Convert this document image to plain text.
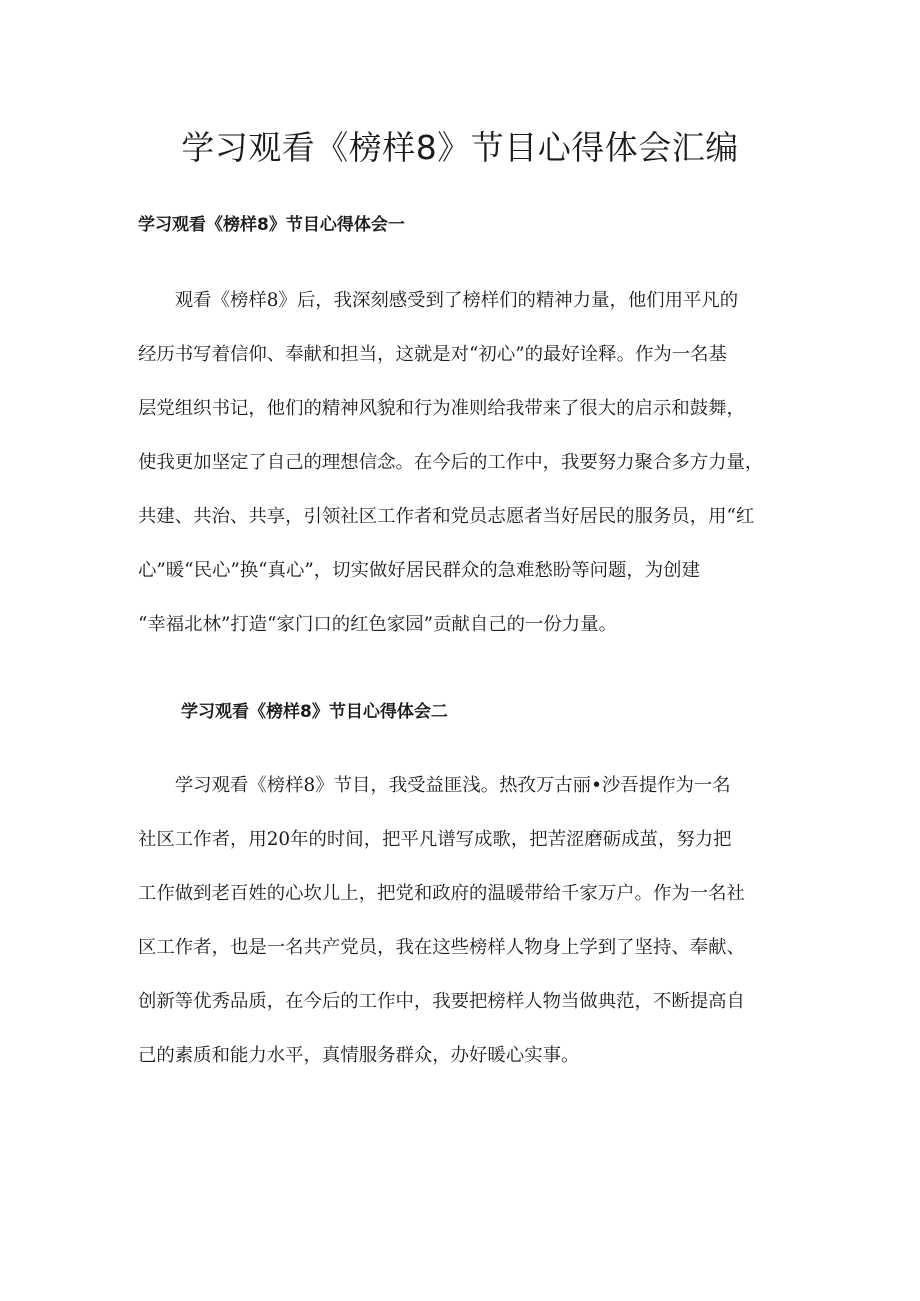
学习观看《榜样8》节目心得体会汇编
学习观看《榜样8》节目心得体会一
　　观看《榜样8》后，我深刻感受到了榜样们的精神力量，他们用平凡的
经历书写着信仰、奉献和担当，这就是对“初心”的最好诠释。作为一名基
层党组织书记，他们的精神风貌和行为准则给我带来了很大的启示和鼓舞，
使我更加坚定了自己的理想信念。在今后的工作中，我要努力聚合多方力量，
共建、共治、共享，引领社区工作者和党员志愿者当好居民的服务员，用“红
心”暖“民心”换“真心”，切实做好居民群众的急难愁盼等问题，为创建
“幸福北林”打造“家门口的红色家园”贡献自己的一份力量。
学习观看《榜样8》节目心得体会二
　　学习观看《榜样8》节目，我受益匪浅。热孜万古丽•沙吾提作为一名
社区工作者，用20年的时间，把平凡谱写成歌，把苦涩磨砺成茧，努力把
工作做到老百姓的心坎儿上，把党和政府的温暖带给千家万户。作为一名社
区工作者，也是一名共产党员，我在这些榜样人物身上学到了坚持、奉献、
创新等优秀品质，在今后的工作中，我要把榜样人物当做典范，不断提高自
己的素质和能力水平，真情服务群众，办好暖心实事。
